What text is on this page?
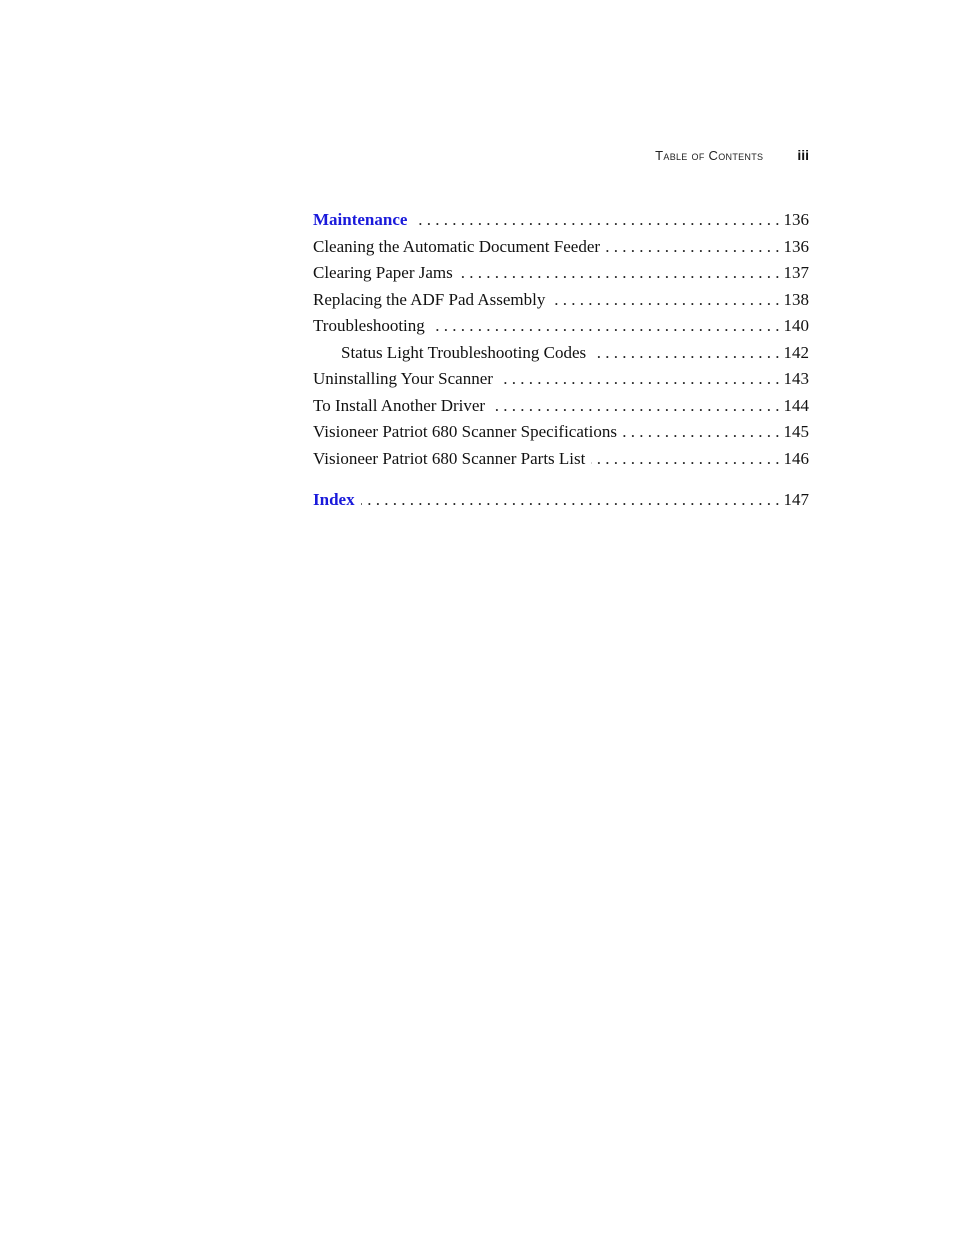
Table of Contents iii
Maintenance . . .	136
Cleaning the Automatic Document Feeder . . .	136
Clearing Paper Jams . . .	137
Replacing the ADF Pad Assembly . . .	138
Troubleshooting . . .	140
Status Light Troubleshooting Codes . . .	142
Uninstalling Your Scanner . . .	143
To Install Another Driver . . .	144
Visioneer Patriot 680 Scanner Specifications . . .	145
Visioneer Patriot 680 Scanner Parts List . . .	146
Index . . .	147
